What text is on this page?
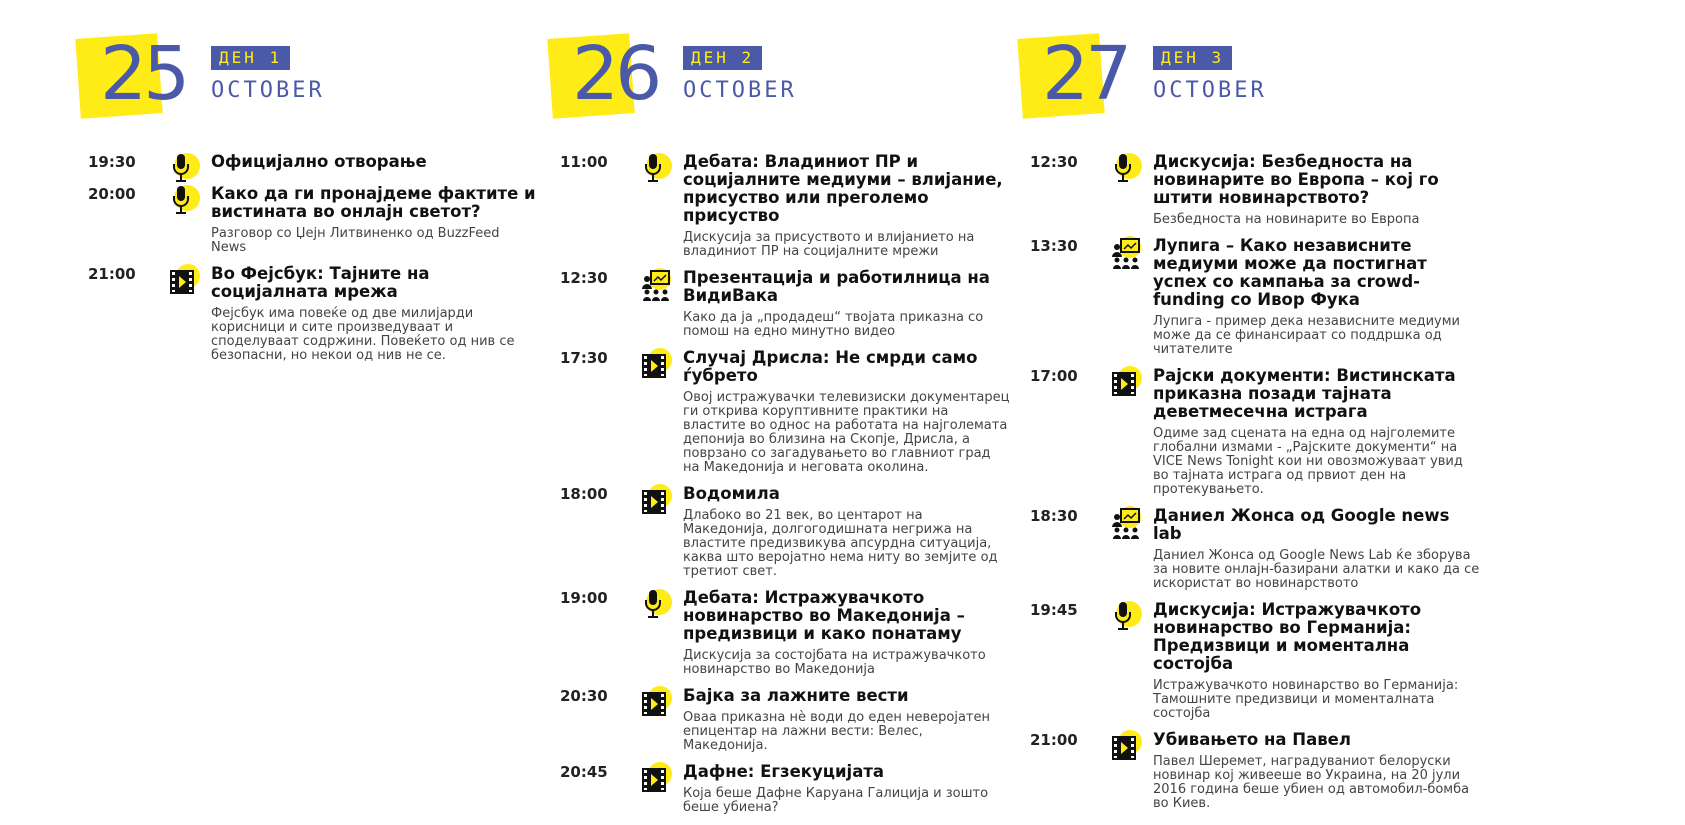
25	ДЕН 1
OCTOBER
19:30	Официјално отворање

20:00	Како да ги пронајдеме фактите и вистината во онлајн светот?

Разговор со Џејн Литвиненко од BuzzFeed News

21:00	Во Фејсбук: Тајните на социјалната мрежа

Фејсбук има повеќе од две милијарди корисници и сите произведуваат и споделуваат содржини. Повеќето од нив се безопасни, но некои од нив не се.

26	ДЕН 2
OCTOBER
11:00	Дебата: Владиниот ПР и социјалните медиуми – влијание, присуство или преголемо присуство

Дискусија за присуството и влијанието на владиниот ПР на социјалните мрежи

12:30	Презентација и работилница на ВидиВака

Како да ја „продадеш“ твојата приказна со помош на едно минутно видео

17:30	Случај Дрисла: Не смрди само ѓубрето

Овој истражувачки телевизиски документарец ги открива коруптивните практики на властите во однос на работата на најголемата депонија во близина на Скопје, Дрисла, а поврзано со загадувањето во главниот град на Македонија и неговата околина.

18:00	Водомила

Длабоко во 21 век, во центарот на Македонија, долгогодишната негрижа на властите предизвикува апсурдна ситуација, каква што веројатно нема ниту во земјите од третиот свет.

19:00	Дебата: Истражувачкото новинарство во Македонија – предизвици и како понатаму

Дискусија за состојбата на истражувачкото новинарство во Македонија

20:30	Бајка за лажните вести

Оваа приказна нè води до еден неверојатен епицентар на лажни вести: Велес, Македонија.

20:45	Дафне: Егзекуцијата

Која беше Дафне Каруана Галиција и зошто беше убиена?

27	ДЕН 3
OCTOBER
12:30	Дискусија: Безбедноста на новинарите во Европа – кој го штити новинарството?

Безбедноста на новинарите во Европа

13:30	Лупига – Како независните медиуми може да постигнат успех со кампања за crowd-funding со Ивор Фука

Лупига - пример дека независните медиуми може да се финансираат со поддршка од читателите

17:00	Рајски документи: Вистинската приказна позади тајната деветмесечна истрага

Одиме зад сцената на една од најголемите глобални измами - „Рајските документи“ на VICE News Tonight кои ни овозможуваат увид во тајната истрага од првиот ден на протекувањето.

18:30	Даниел Жонса од Google news lab

Даниел Жонса од Google News Lab ќе зборува за новите онлајн-базирани алатки и како да се искористат во новинарството

19:45	Дискусија: Истражувачкото новинарство во Германија: Предизвици и моментална состојба

Истражувачкото новинарство во Германија: Тамошните предизвици и моменталната состојба

21:00	Убивањето на Павел

Павел Шеремет, наградуваниот белоруски новинар кој живееше во Украина, на 20 јули 2016 година беше убиен од автомобил-бомба во Киев.
